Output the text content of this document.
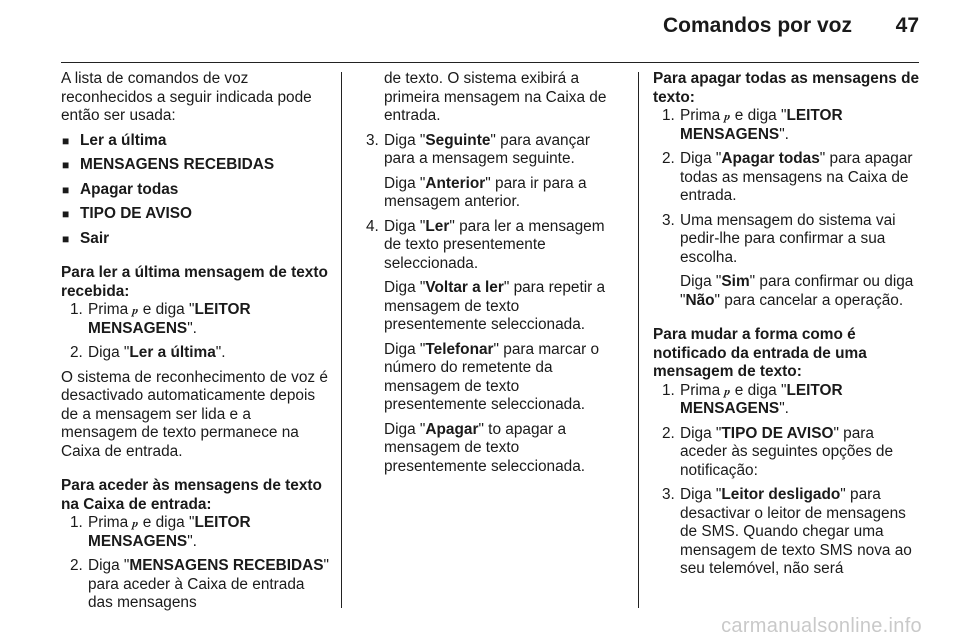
Comandos por voz 47

A lista de comandos de voz reconhecidos a seguir indicada pode então ser usada:

■ Ler a última

■ MENSAGENS RECEBIDAS

■ Apagar todas

■ TIPO DE AVISO

■ Sair

Para ler a última mensagem de texto recebida:

1. Prima 𝆏 e diga "LEITOR MENSAGENS".

2. Diga "Ler a última".

O sistema de reconhecimento de voz é desactivado automaticamente depois de a mensagem ser lida e a mensagem de texto permanece na Caixa de entrada.

Para aceder às mensagens de texto na Caixa de entrada:

1. Prima 𝆏 e diga "LEITOR MENSAGENS".

2. Diga "MENSAGENS RECEBIDAS" para aceder à Caixa de entrada das mensagens

de texto. O sistema exibirá a primeira mensagem na Caixa de entrada.

3. Diga "Seguinte" para avançar para a mensagem seguinte.

Diga "Anterior" para ir para a mensagem anterior.

4. Diga "Ler" para ler a mensagem de texto presentemente seleccionada.

Diga "Voltar a ler" para repetir a mensagem de texto presentemente seleccionada.

Diga "Telefonar" para marcar o número do remetente da mensagem de texto presentemente seleccionada.

Diga "Apagar" to apagar a mensagem de texto presentemente seleccionada.

Para apagar todas as mensagens de texto:

1. Prima 𝆏 e diga "LEITOR MENSAGENS".

2. Diga "Apagar todas" para apagar todas as mensagens na Caixa de entrada.

3. Uma mensagem do sistema vai pedir-lhe para confirmar a sua escolha.

Diga "Sim" para confirmar ou diga "Não" para cancelar a operação.

Para mudar a forma como é notificado da entrada de uma mensagem de texto:

1. Prima 𝆏 e diga "LEITOR MENSAGENS".

2. Diga "TIPO DE AVISO" para aceder às seguintes opções de notificação:

3. Diga "Leitor desligado" para desactivar o leitor de mensagens de SMS. Quando chegar uma mensagem de texto SMS nova ao seu telemóvel, não será

carmanualsonline.info
